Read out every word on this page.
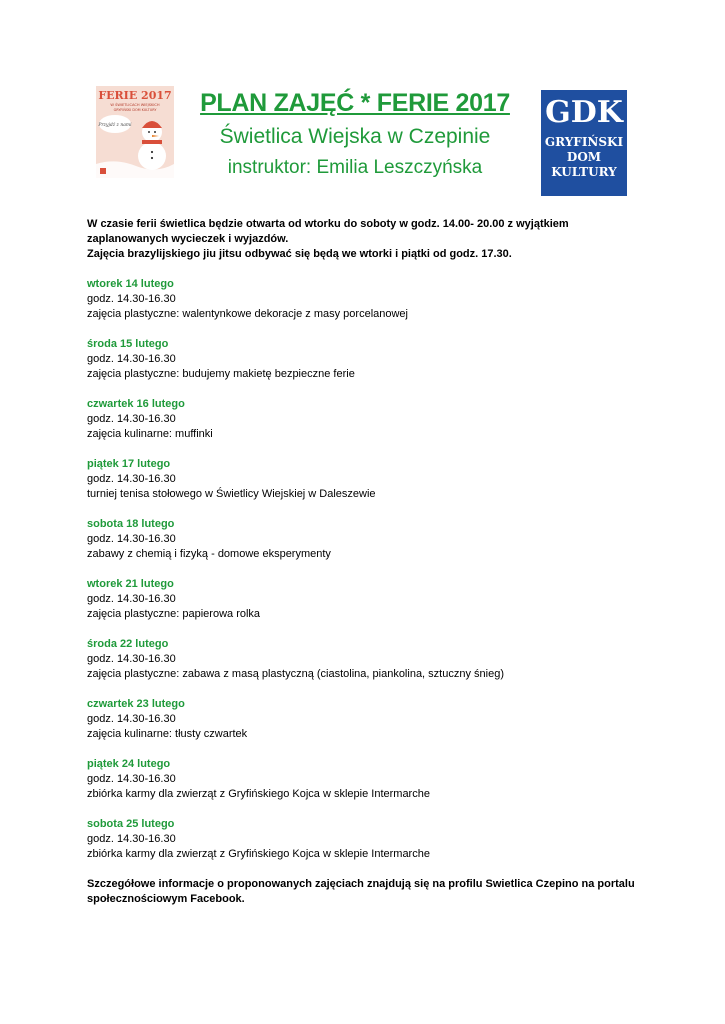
FERIE 2017
W ŚWIETLICACH WIEJSKICH
GRYFIŃSKI DOM KULTURY
Przyjdź z nami
PLAN ZAJĘĆ * FERIE 2017
Świetlica Wiejska w Czepinie
instruktor: Emilia Leszczyńska
GDK
GRYFIŃSKI
DOM
KULTURY

W czasie ferii świetlica będzie otwarta od wtorku do soboty w godz. 14.00- 20.00 z wyjątkiem

zaplanowanych wycieczek i wyjazdów.

Zajęcia brazylijskiego jiu jitsu odbywać się będą we wtorki i piątki od godz. 17.30.

wtorek 14 lutego
godz. 14.30-16.30
zajęcia plastyczne: walentynkowe dekoracje z masy porcelanowej
środa 15 lutego
godz. 14.30-16.30
zajęcia plastyczne: budujemy makietę bezpieczne ferie
czwartek 16 lutego
godz. 14.30-16.30
zajęcia kulinarne: muffinki
piątek 17 lutego
godz. 14.30-16.30
turniej tenisa stołowego w Świetlicy Wiejskiej w Daleszewie
sobota 18 lutego
godz. 14.30-16.30
zabawy z chemią i fizyką - domowe eksperymenty
wtorek 21 lutego
godz. 14.30-16.30
zajęcia plastyczne: papierowa rolka
środa 22 lutego
godz. 14.30-16.30
zajęcia plastyczne: zabawa z masą plastyczną (ciastolina, piankolina, sztuczny śnieg)
czwartek 23 lutego
godz. 14.30-16.30
zajęcia kulinarne: tłusty czwartek
piątek 24 lutego
godz. 14.30-16.30
zbiórka karmy dla zwierząt z Gryfińskiego Kojca w sklepie Intermarche
sobota 25 lutego
godz. 14.30-16.30
zbiórka karmy dla zwierząt z Gryfińskiego Kojca w sklepie Intermarche
Szczegółowe informacje o proponowanych zajęciach znajdują się na profilu Swietlica Czepino na portalu
społecznościowym Facebook.
